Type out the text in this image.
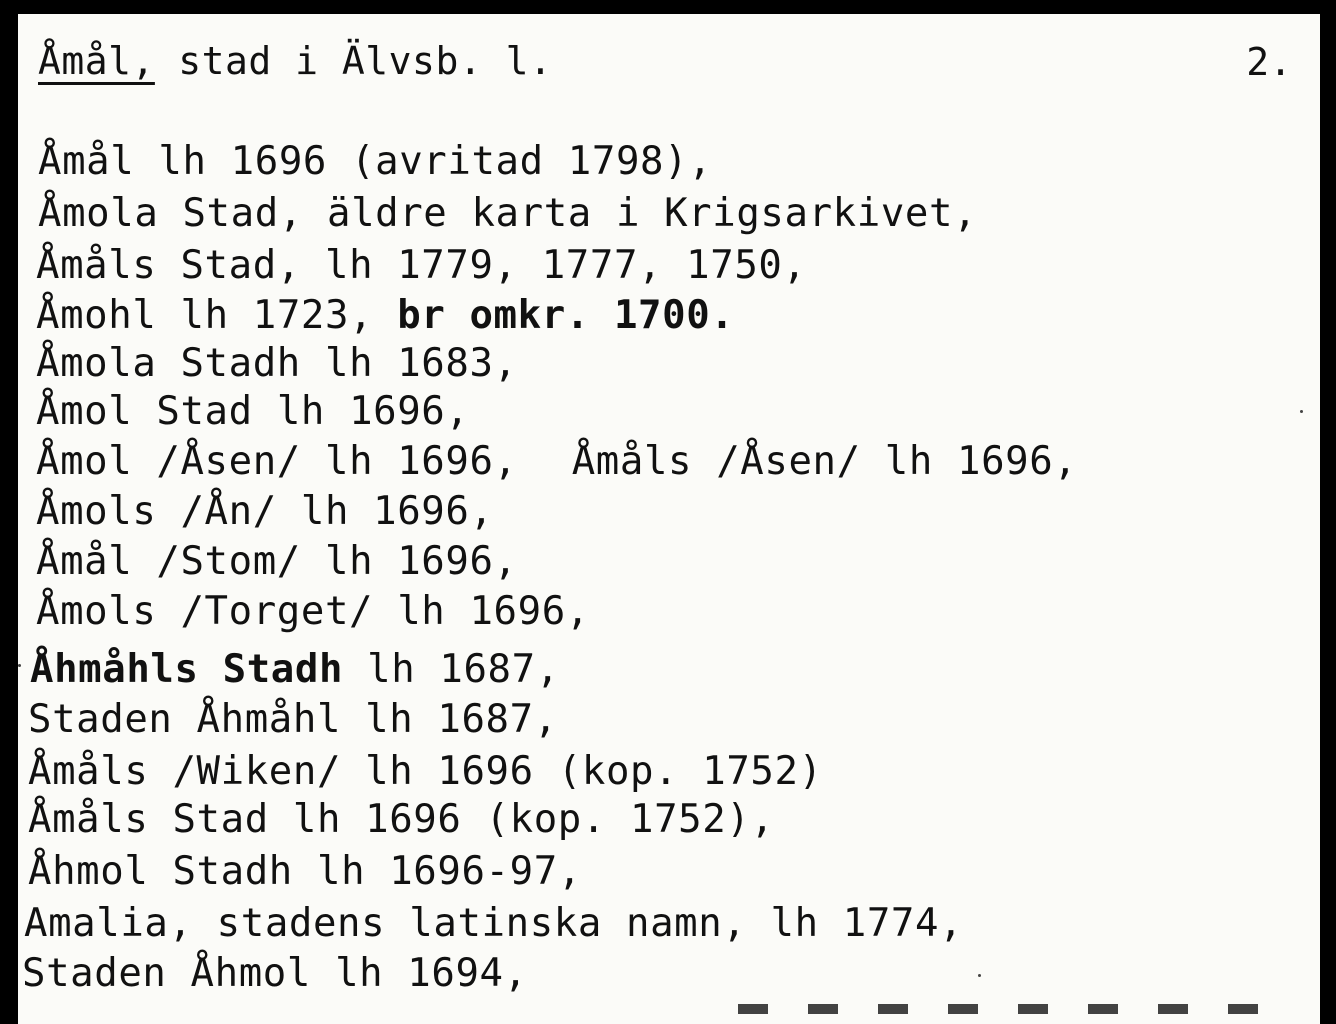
Åmål, stad i Älvsb. l.	2.
Åmål lh 1696 (avritad 1798),
Åmola Stad, äldre karta i Krigsarkivet,
Åmåls Stad, lh 1779, 1777, 1750,
Åmohl lh 1723, br omkr. 1700.
Åmola Stadh lh 1683,
Åmol Stad lh 1696,
Åmol /Åsen/ lh 1696, Åmåls /Åsen/ lh 1696,
Åmols /Ån/ lh 1696,
Åmål /Stom/ lh 1696,
Åmols /Torget/ lh 1696,
Åhmåhls Stadh lh 1687,
Staden Åhmåhl lh 1687,
Åmåls /Wiken/ lh 1696 (kop. 1752)
Åmåls Stad lh 1696 (kop. 1752),
Åhmol Stadh lh 1696-97,
Amalia, stadens latinska namn, lh 1774,
Staden Åhmol lh 1694,
